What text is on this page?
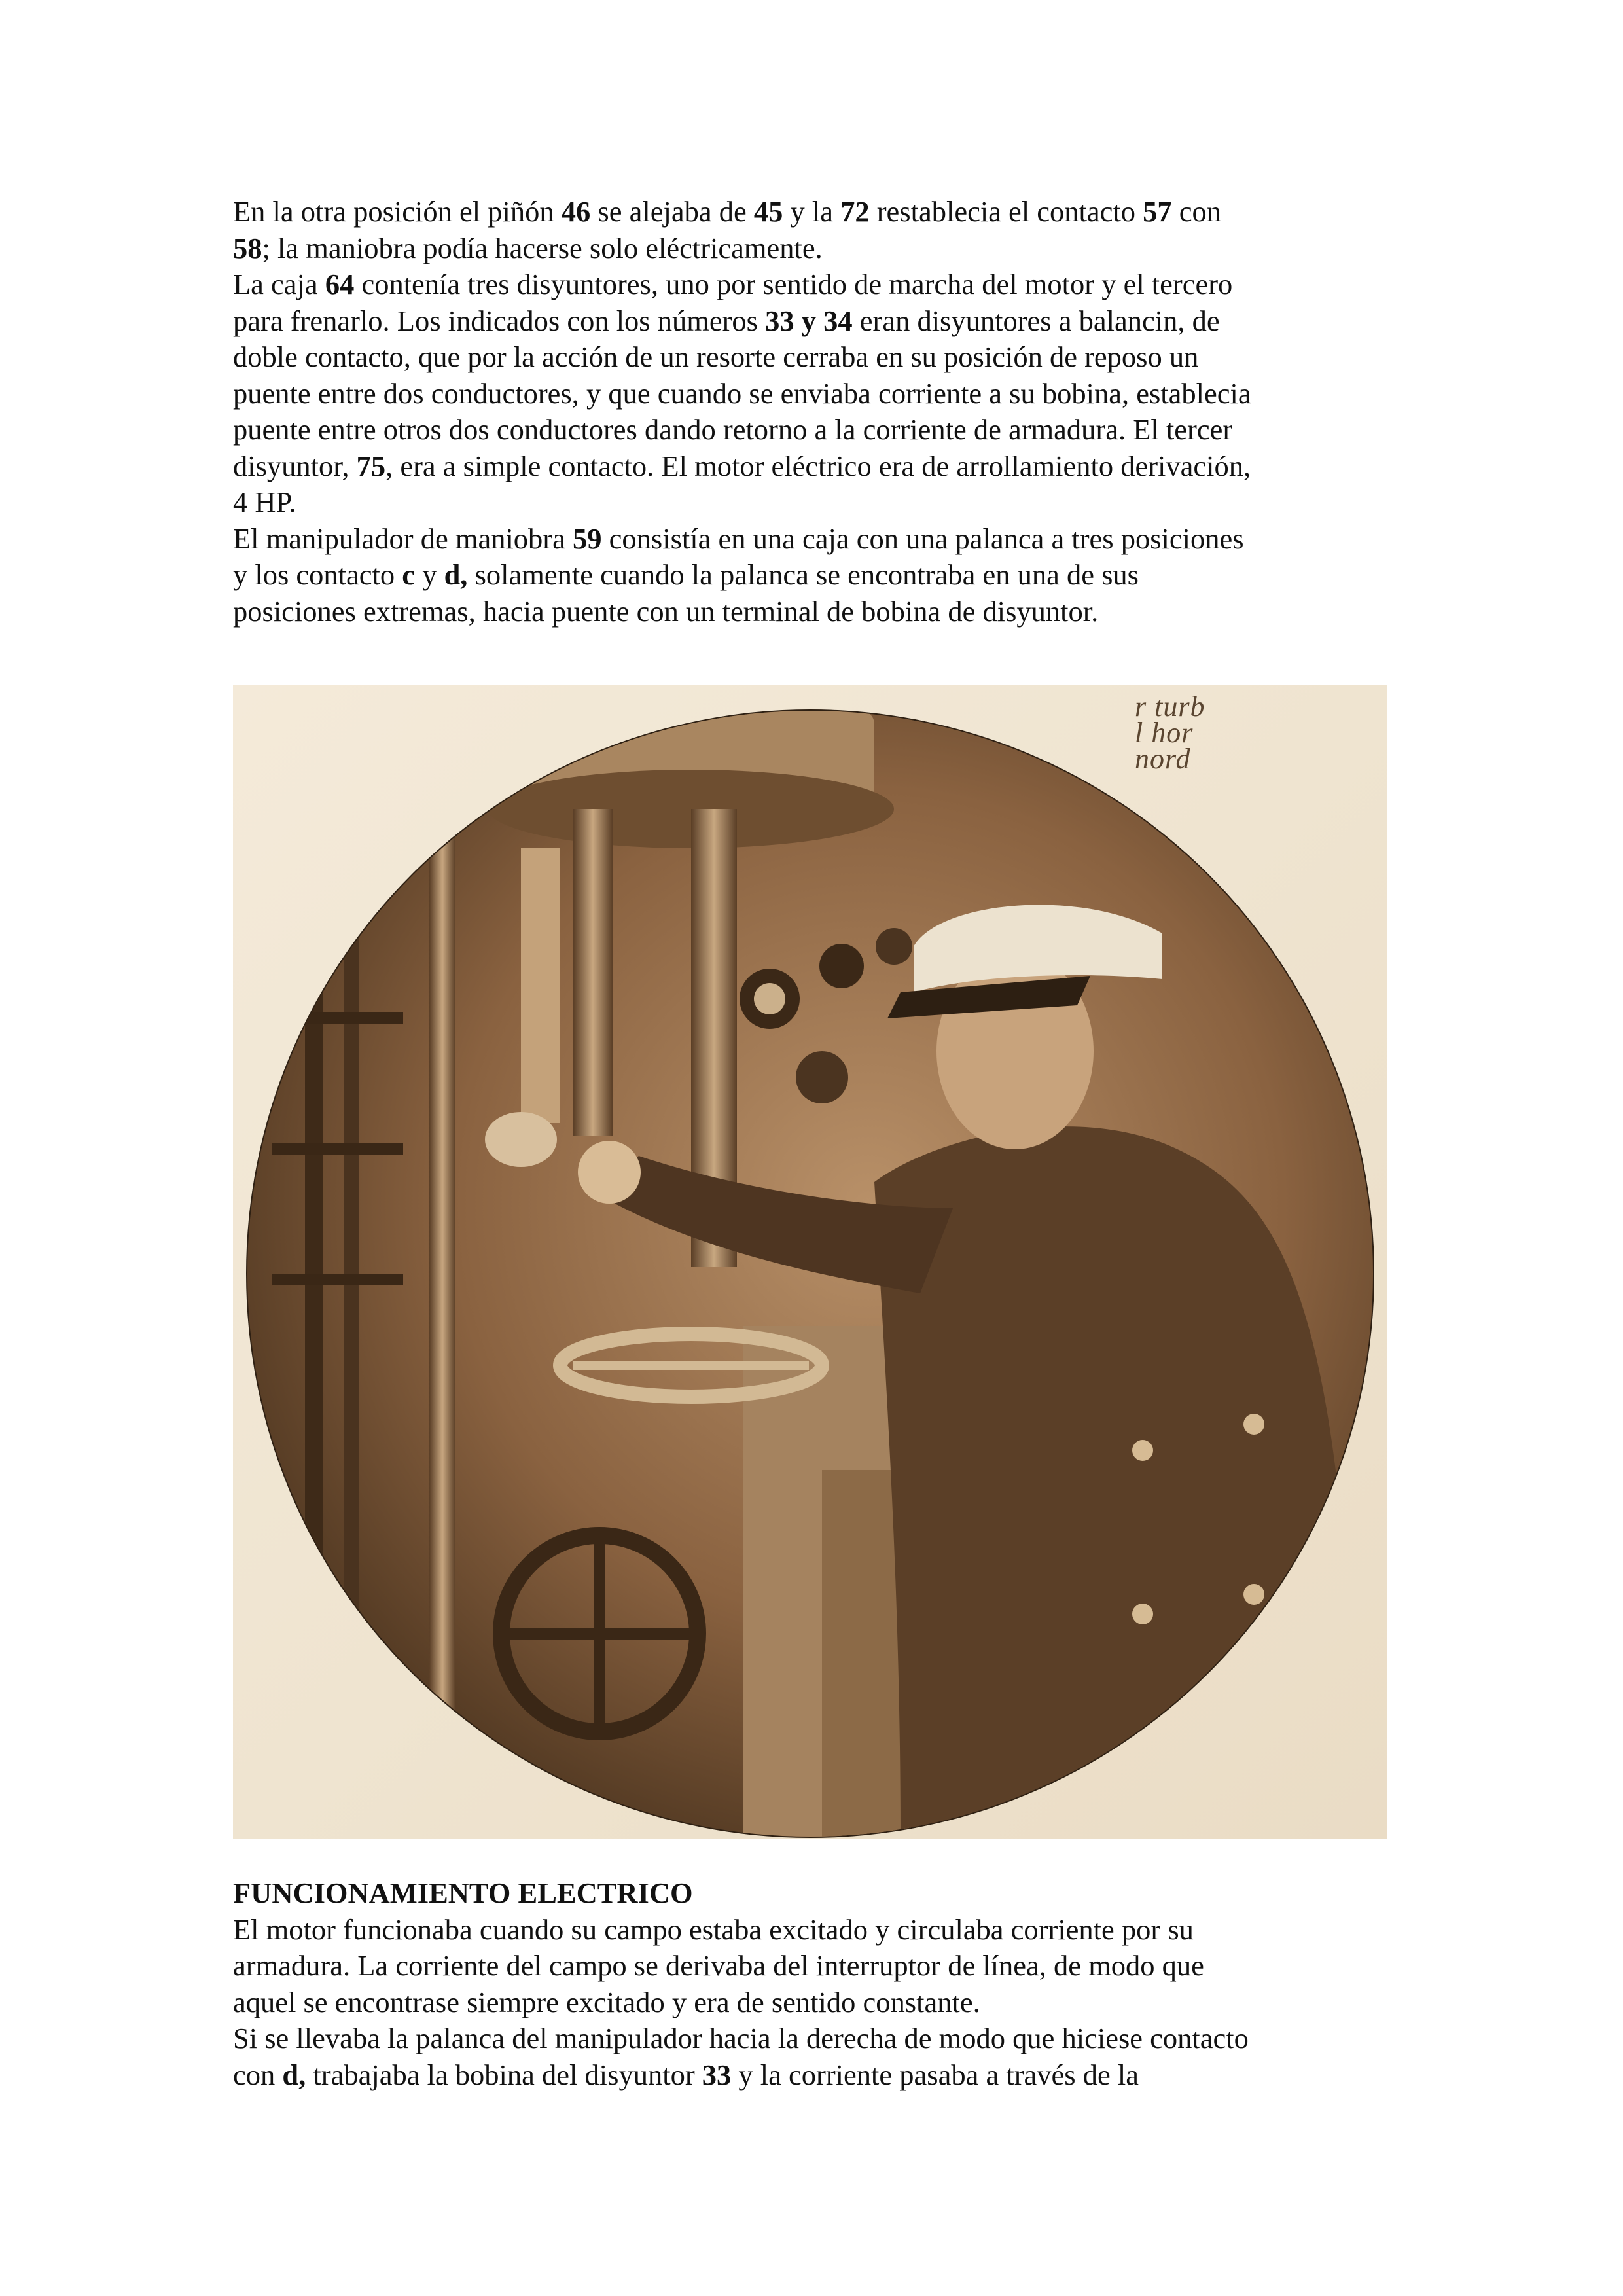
En la otra posición el piñón 46 se alejaba de 45 y la 72 restablecia el contacto 57 con
58; la maniobra podía hacerse solo eléctricamente.

La caja 64 contenía tres disyuntores, uno por sentido de marcha del motor y el tercero
para frenarlo. Los indicados con los números 33 y 34 eran disyuntores a balancin, de
doble contacto, que por la acción de un resorte cerraba en su posición de reposo un
puente entre dos conductores, y que cuando se enviaba corriente a su bobina, establecia
puente entre otros dos conductores dando retorno a la corriente de armadura. El tercer
disyuntor, 75, era a simple contacto. El motor eléctrico era de arrollamiento derivación,
4 HP.

El manipulador de maniobra 59 consistía en una caja con una palanca a tres posiciones
y los contacto c y d, solamente cuando la palanca se encontraba en una de sus
posiciones extremas, hacia puente con un terminal de bobina de disyuntor.

r turb
l hor
nord

FUNCIONAMIENTO ELECTRICO

El motor funcionaba cuando su campo estaba excitado y circulaba corriente por su
armadura. La corriente del campo se derivaba del interruptor de línea, de modo que
aquel se encontrase siempre excitado y era de sentido constante.

Si se llevaba la palanca del manipulador hacia la derecha de modo que hiciese contacto
con d, trabajaba la bobina del disyuntor 33 y la corriente pasaba a través de la
